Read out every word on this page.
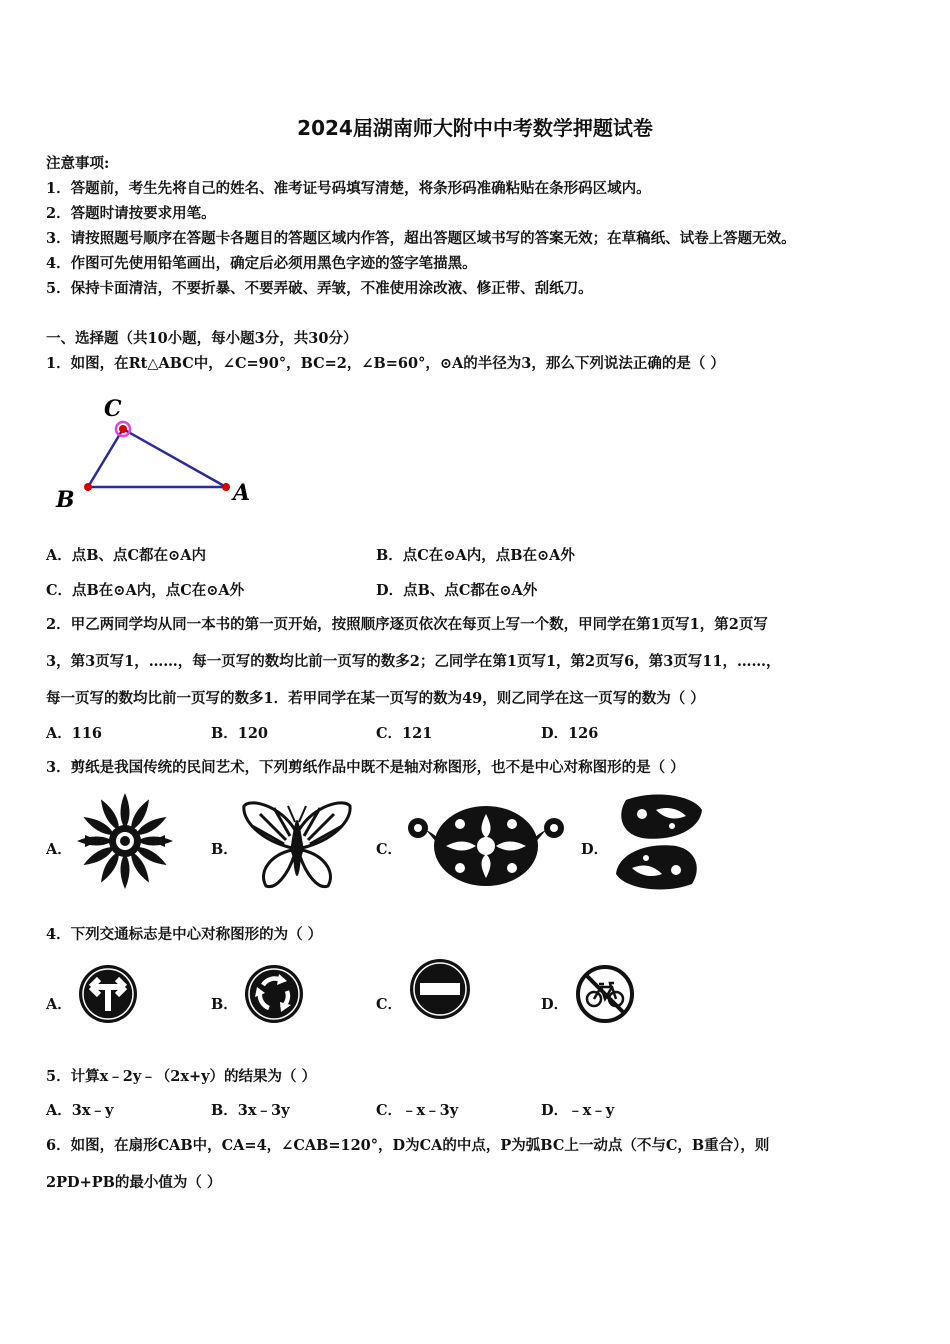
2024届湖南师大附中中考数学押题试卷
注意事项:
1．答题前，考生先将自己的姓名、准考证号码填写清楚，将条形码准确粘贴在条形码区域内。
2．答题时请按要求用笔。
3．请按照题号顺序在答题卡各题目的答题区域内作答，超出答题区域书写的答案无效；在草稿纸、试卷上答题无效。
4．作图可先使用铅笔画出，确定后必须用黑色字迹的签字笔描黑。
5．保持卡面清洁，不要折暴、不要弄破、弄皱，不准使用涂改液、修正带、刮纸刀。
一、选择题（共10小题，每小题3分，共30分）
1．如图，在Rt△ABC中，∠C=90°，BC=2，∠B=60°，⊙A的半径为3，那么下列说法正确的是（ ）
C
B	A
A．点B、点C都在⊙A内	B．点C在⊙A内，点B在⊙A外
C．点B在⊙A内，点C在⊙A外	D．点B、点C都在⊙A外
2．甲乙两同学均从同一本书的第一页开始，按照顺序逐页依次在每页上写一个数，甲同学在第1页写1，第2页写
3，第3页写1，……，每一页写的数均比前一页写的数多2；乙同学在第1页写1，第2页写6，第3页写11，……，
每一页写的数均比前一页写的数多1．若甲同学在某一页写的数为49，则乙同学在这一页写的数为（ ）
A．116	B．120	C．121	D．126
3．剪纸是我国传统的民间艺术，下列剪纸作品中既不是轴对称图形，也不是中心对称图形的是（ ）
A．	B．	C．	D．
4．下列交通标志是中心对称图形的为（ ）
A．	B．	C．	D．
5．计算x﹣2y﹣（2x+y）的结果为（ ）
A．3x﹣y	B．3x﹣3y	C．﹣x﹣3y	D．﹣x﹣y
6．如图，在扇形CAB中，CA=4，∠CAB=120°，D为CA的中点，P为弧BC上一动点（不与C，B重合），则
2PD+PB的最小值为（ ）
